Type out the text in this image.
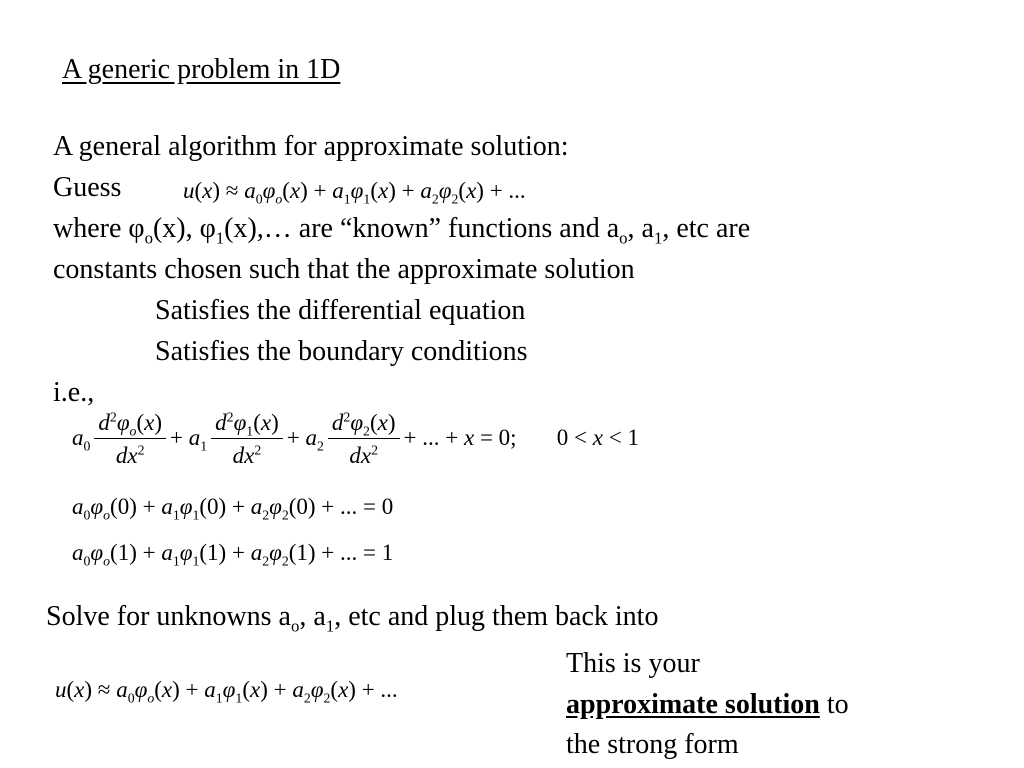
A generic problem in 1D
A general algorithm for approximate solution:
Guess	$u(x) \approx a_0\varphi_o(x) + a_1\varphi_1(x) + a_2\varphi_2(x)$ + ...
where $\varphi_o(x)$, $\varphi_1(x),\dots$ are “known” functions and $a_o$, $a_1$, etc are
constants chosen such that the approximate solution
Satisfies the differential equation
Satisfies the boundary conditions
i.e.,
$a_0 \frac{d^2\varphi_o(x)}{dx^2} + a_1 \frac{d^2\varphi_1(x)}{dx^2} + a_2 \frac{d^2\varphi_2(x)}{dx^2}$ + ... + x = 0;       0 < x < 1
$a_0\varphi_o(0) + a_1\varphi_1(0) + a_2\varphi_2(0)$ + ... = 0
$a_0\varphi_o(1) + a_1\varphi_1(1) + a_2\varphi_2(1)$ + ... = 1
Solve for unknowns $a_o$, $a_1$, etc and plug them back into
$u(x) \approx a_0\varphi_o(x) + a_1\varphi_1(x) + a_2\varphi_2(x)$ + ...
This is your
approximate solution to
the strong form
